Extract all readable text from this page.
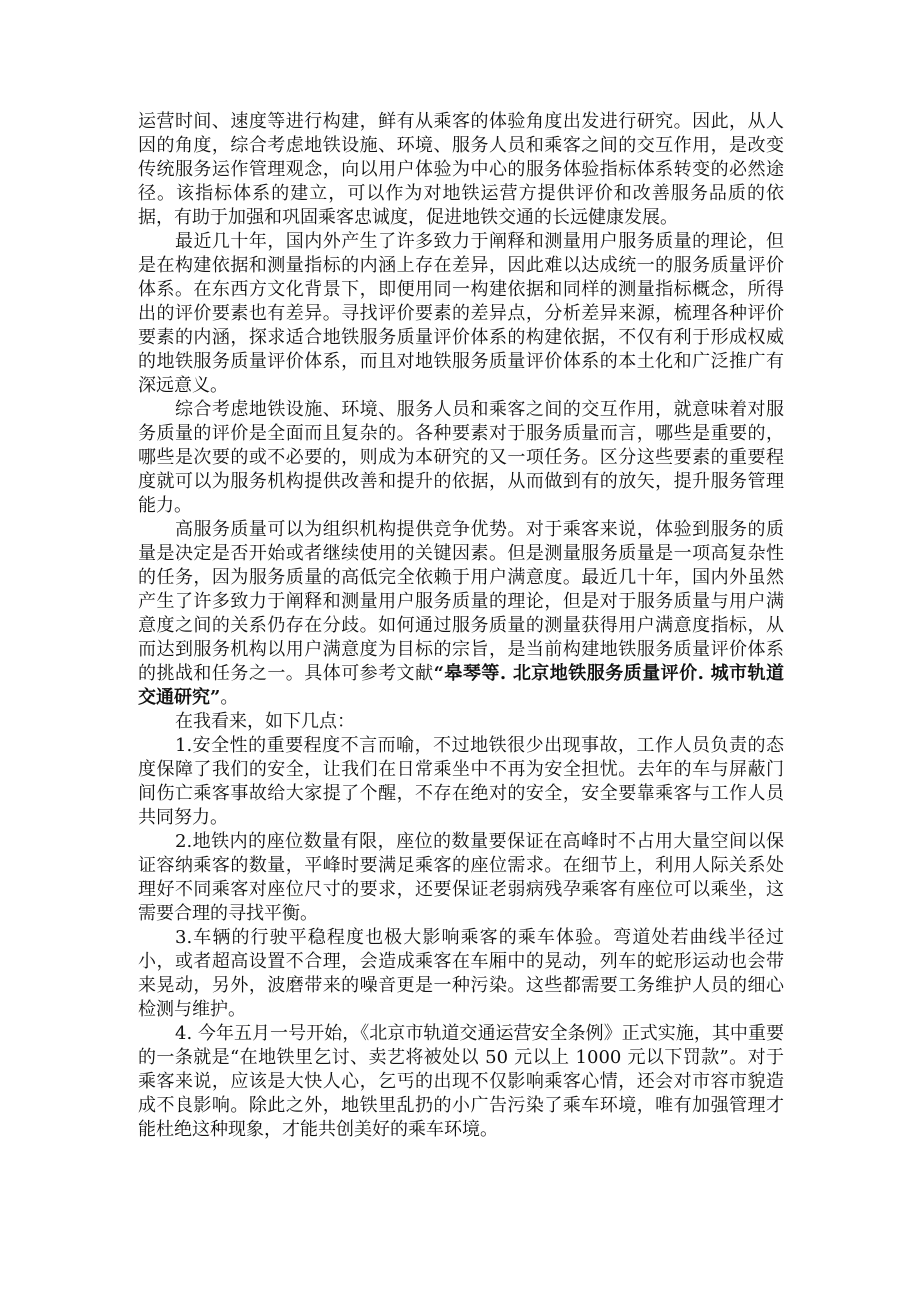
运营时间、速度等进行构建，鲜有从乘客的体验角度出发进行研究。因此，从人因的角度，综合考虑地铁设施、环境、服务人员和乘客之间的交互作用，是改变传统服务运作管理观念，向以用户体验为中心的服务体验指标体系转变的必然途径。该指标体系的建立，可以作为对地铁运营方提供评价和改善服务品质的依据，有助于加强和巩固乘客忠诚度，促进地铁交通的长远健康发展。

最近几十年，国内外产生了许多致力于阐释和测量用户服务质量的理论，但是在构建依据和测量指标的内涵上存在差异，因此难以达成统一的服务质量评价体系。在东西方文化背景下，即便用同一构建依据和同样的测量指标概念，所得出的评价要素也有差异。寻找评价要素的差异点，分析差异来源，梳理各种评价要素的内涵，探求适合地铁服务质量评价体系的构建依据，不仅有利于形成权威的地铁服务质量评价体系，而且对地铁服务质量评价体系的本土化和广泛推广有深远意义。

综合考虑地铁设施、环境、服务人员和乘客之间的交互作用，就意味着对服务质量的评价是全面而且复杂的。各种要素对于服务质量而言，哪些是重要的，哪些是次要的或不必要的，则成为本研究的又一项任务。区分这些要素的重要程度就可以为服务机构提供改善和提升的依据，从而做到有的放矢，提升服务管理能力。

高服务质量可以为组织机构提供竞争优势。对于乘客来说，体验到服务的质量是决定是否开始或者继续使用的关键因素。但是测量服务质量是一项高复杂性的任务，因为服务质量的高低完全依赖于用户满意度。最近几十年，国内外虽然产生了许多致力于阐释和测量用户服务质量的理论，但是对于服务质量与用户满意度之间的关系仍存在分歧。如何通过服务质量的测量获得用户满意度指标，从而达到服务机构以用户满意度为目标的宗旨，是当前构建地铁服务质量评价体系的挑战和任务之一。具体可参考文献“皋琴等. 北京地铁服务质量评价. 城市轨道交通研究”。

在我看来，如下几点：

1.安全性的重要程度不言而喻，不过地铁很少出现事故，工作人员负责的态度保障了我们的安全，让我们在日常乘坐中不再为安全担忧。去年的车与屏蔽门间伤亡乘客事故给大家提了个醒，不存在绝对的安全，安全要靠乘客与工作人员共同努力。

2.地铁内的座位数量有限，座位的数量要保证在高峰时不占用大量空间以保证容纳乘客的数量，平峰时要满足乘客的座位需求。在细节上，利用人际关系处理好不同乘客对座位尺寸的要求，还要保证老弱病残孕乘客有座位可以乘坐，这需要合理的寻找平衡。

3.车辆的行驶平稳程度也极大影响乘客的乘车体验。弯道处若曲线半径过小，或者超高设置不合理，会造成乘客在车厢中的晃动，列车的蛇形运动也会带来晃动，另外，波磨带来的噪音更是一种污染。这些都需要工务维护人员的细心检测与维护。

4. 今年五月一号开始，《北京市轨道交通运营安全条例》正式实施，其中重要的一条就是“在地铁里乞讨、卖艺将被处以 50 元以上 1000 元以下罚款”。对于乘客来说，应该是大快人心，乞丐的出现不仅影响乘客心情，还会对市容市貌造成不良影响。除此之外，地铁里乱扔的小广告污染了乘车环境，唯有加强管理才能杜绝这种现象，才能共创美好的乘车环境。
